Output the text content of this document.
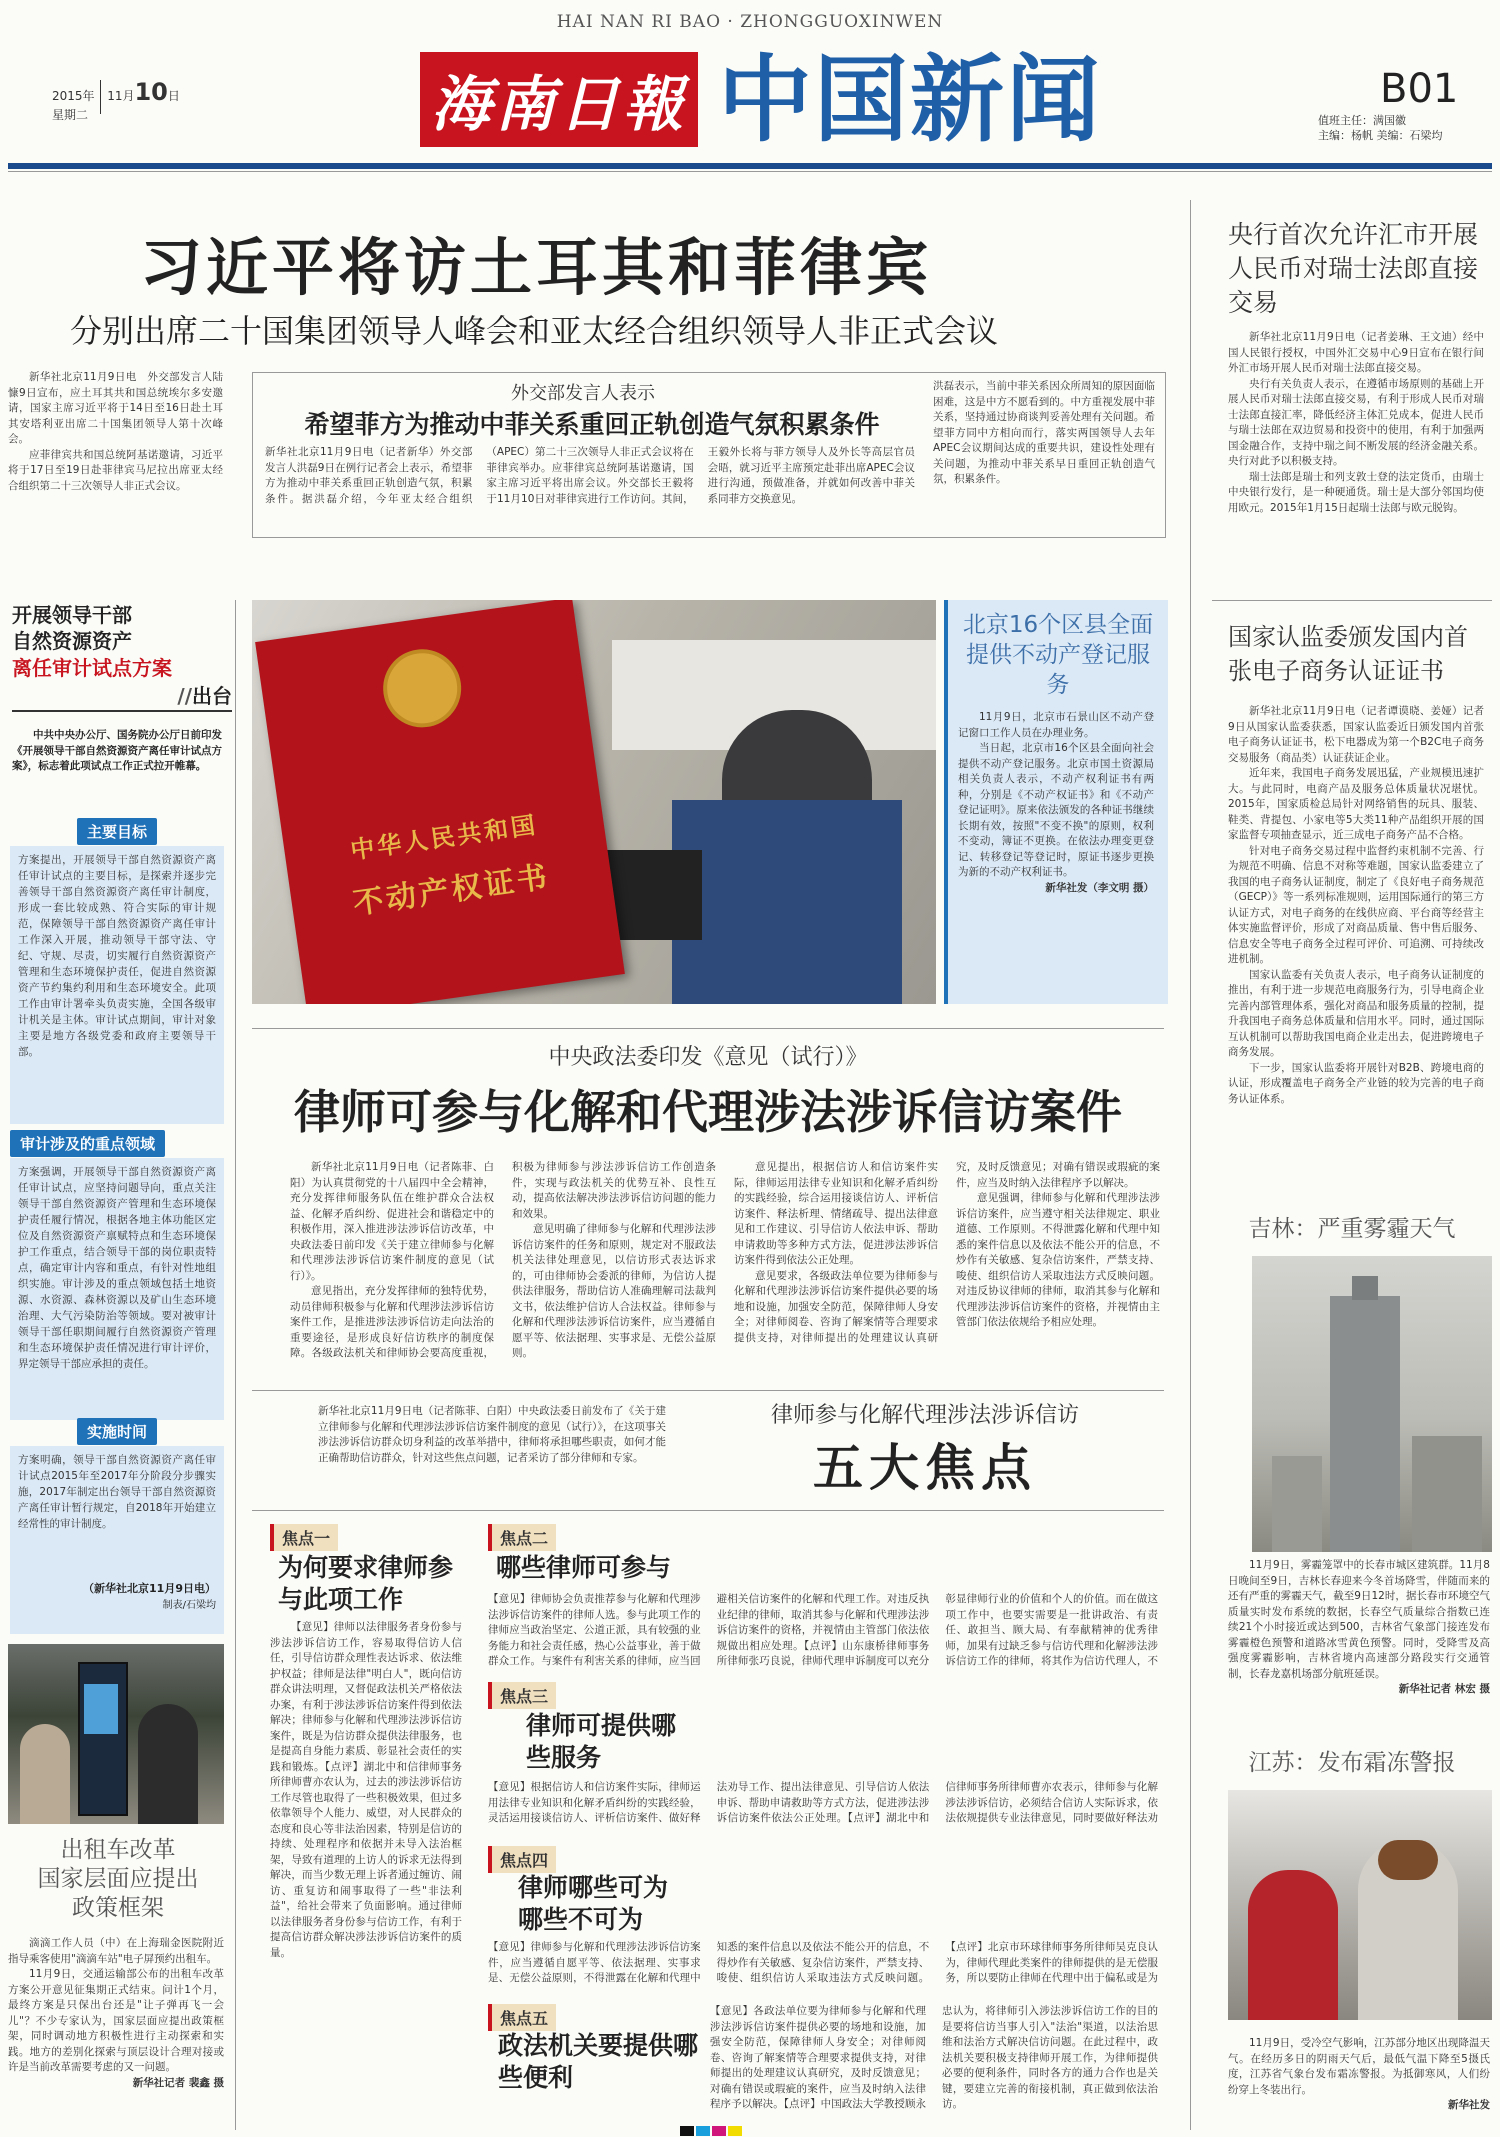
HAI NAN RI BAO · ZHONGGUOXINWEN
2015年 11月10日
星期二	海南日報 中国新闻	B01
值班主任：满国徽
主编：杨帆 美编：石梁均
习近平将访土耳其和菲律宾
分别出席二十国集团领导人峰会和亚太经合组织领导人非正式会议

新华社北京11月9日电　外交部发言人陆慷9日宣布，应土耳其共和国总统埃尔多安邀请，国家主席习近平将于14日至16日赴土耳其安塔利亚出席二十国集团领导人第十次峰会。

应菲律宾共和国总统阿基诺邀请，习近平将于17日至19日赴菲律宾马尼拉出席亚太经合组织第二十三次领导人非正式会议。

外交部发言人表示
希望菲方为推动中菲关系重回正轨创造气氛积累条件
新华社北京11月9日电（记者新华）外交部发言人洪磊9日在例行记者会上表示，希望菲方为推动中菲关系重回正轨创造气氛，积累条件。据洪磊介绍，今年亚太经合组织（APEC）第二十三次领导人非正式会议将在菲律宾举办。应菲律宾总统阿基诺邀请，国家主席习近平将出席会议。外交部长王毅将于11月10日对菲律宾进行工作访问。其间，王毅外长将与菲方领导人及外长等高层官员会晤，就习近平主席预定赴菲出席APEC会议进行沟通，预做准备，并就如何改善中菲关系同菲方交换意见。
洪磊表示，当前中菲关系因众所周知的原因面临困难，这是中方不愿看到的。中方重视发展中菲关系，坚持通过协商谈判妥善处理有关问题。希望菲方同中方相向而行，落实两国领导人去年APEC会议期间达成的重要共识，建设性处理有关问题，为推动中菲关系早日重回正轨创造气氛，积累条件。
开展领导干部
自然资源资产
离任审计试点方案
//出台

中共中央办公厅、国务院办公厅日前印发《开展领导干部自然资源资产离任审计试点方案》，标志着此项试点工作正式拉开帷幕。

主要目标
方案提出，开展领导干部自然资源资产离任审计试点的主要目标，是探索并逐步完善领导干部自然资源资产离任审计制度，形成一套比较成熟、符合实际的审计规范，保障领导干部自然资源资产离任审计工作深入开展，推动领导干部守法、守纪、守规、尽责，切实履行自然资源资产管理和生态环境保护责任，促进自然资源资产节约集约利用和生态环境安全。此项工作由审计署牵头负责实施，全国各级审计机关是主体。审计试点期间，审计对象主要是地方各级党委和政府主要领导干部。
审计涉及的重点领域
方案强调，开展领导干部自然资源资产离任审计试点，应坚持问题导向，重点关注领导干部自然资源资产管理和生态环境保护责任履行情况，根据各地主体功能区定位及自然资源资产禀赋特点和生态环境保护工作重点，结合领导干部的岗位职责特点，确定审计内容和重点，有针对性地组织实施。审计涉及的重点领域包括土地资源、水资源、森林资源以及矿山生态环境治理、大气污染防治等领域。要对被审计领导干部任职期间履行自然资源资产管理和生态环境保护责任情况进行审计评价，界定领导干部应承担的责任。
实施时间
方案明确，领导干部自然资源资产离任审计试点2015年至2017年分阶段分步骤实施，2017年制定出台领导干部自然资源资产离任审计暂行规定，自2018年开始建立经常性的审计制度。
（新华社北京11月9日电）
制表/石梁均
出租车改革
国家层面应提出
政策框架

滴滴工作人员（中）在上海瑞金医院附近指导乘客使用"滴滴车站"电子屏预约出租车。

11月9日，交通运输部公布的出租车改革方案公开意见征集期正式结束。问计1个月，最终方案是只保出台还是"让子弹再飞一会儿"？不少专家认为，国家层面应提出政策框架，同时调动地方积极性进行主动探索和实践。地方的差别化探索与顶层设计合理对接或许是当前改革需要考虑的又一问题。

新华社记者 裴鑫 摄
中华人民共和国
不动产权证书
北京16个区县全面提供不动产登记服务

11月9日，北京市石景山区不动产登记窗口工作人员在办理业务。

当日起，北京市16个区县全面向社会提供不动产登记服务。北京市国土资源局相关负责人表示，不动产权利证书有两种，分别是《不动产权证书》和《不动产登记证明》。原来依法颁发的各种证书继续长期有效，按照"不变不换"的原则，权利不变动，簿证不更换。在依法办理变更登记、转移登记等登记时，原证书逐步更换为新的不动产权利证书。

新华社发（李文明 摄）
中央政法委印发《意见（试行）》
律师可参与化解和代理涉法涉诉信访案件

新华社北京11月9日电（记者陈菲、白阳）为认真贯彻党的十八届四中全会精神，充分发挥律师服务队伍在维护群众合法权益、化解矛盾纠纷、促进社会和谐稳定中的积极作用，深入推进涉法涉诉信访改革，中央政法委日前印发《关于建立律师参与化解和代理涉法涉诉信访案件制度的意见（试行）》。

意见指出，充分发挥律师的独特优势，动员律师积极参与化解和代理涉法涉诉信访案件工作，是推进涉法涉诉信访走向法治的重要途径，是形成良好信访秩序的制度保障。各级政法机关和律师协会要高度重视，积极为律师参与涉法涉诉信访工作创造条件，实现与政法机关的优势互补、良性互动，提高依法解决涉法涉诉信访问题的能力和效果。

意见明确了律师参与化解和代理涉法涉诉信访案件的任务和原则，规定对不服政法机关法律处理意见，以信访形式表达诉求的，可由律师协会委派的律师，为信访人提供法律服务，帮助信访人准确理解司法裁判文书，依法维护信访人合法权益。律师参与化解和代理涉法涉诉信访案件，应当遵循自愿平等、依法据理、实事求是、无偿公益原则。

意见提出，根据信访人和信访案件实际，律师运用法律专业知识和化解矛盾纠纷的实践经验，综合运用接谈信访人、评析信访案件、释法析理、情绪疏导、提出法律意见和工作建议、引导信访人依法申诉、帮助申请救助等多种方式方法，促进涉法涉诉信访案件得到依法公正处理。

意见要求，各级政法单位要为律师参与化解和代理涉法涉诉信访案件提供必要的场地和设施，加强安全防范，保障律师人身安全；对律师阅卷、咨询了解案情等合理要求提供支持，对律师提出的处理建议认真研究，及时反馈意见；对确有错误或瑕疵的案件，应当及时纳入法律程序予以解决。

意见强调，律师参与化解和代理涉法涉诉信访案件，应当遵守相关法律规定、职业道德、工作原则。不得泄露化解和代理中知悉的案件信息以及依法不能公开的信息，不炒作有关敏感、复杂信访案件，严禁支持、唆使、组织信访人采取违法方式反映问题。对违反协议律师的律师，取消其参与化解和代理涉法涉诉信访案件的资格，并视情由主管部门依法依规给予相应处理。

新华社北京11月9日电（记者陈菲、白阳）中央政法委日前发布了《关于建立律师参与化解和代理涉法涉诉信访案件制度的意见（试行）》，在这项事关涉法涉诉信访群众切身利益的改革举措中，律师将承担哪些职责，如何才能正确帮助信访群众，针对这些焦点问题，记者采访了部分律师和专家。
律师参与化解代理涉法涉诉信访
五大焦点
焦点一
为何要求律师参与此项工作
【意见】律师以法律服务者身份参与涉法涉诉信访工作，容易取得信访人信任，引导信访群众理性表达诉求、依法维护权益；律师是法律"明白人"，既向信访群众讲法明理，又督促政法机关严格依法办案，有利于涉法涉诉信访案件得到依法解决；律师参与化解和代理涉法涉诉信访案件，既是为信访群众提供法律服务，也是提高自身能力素质、彰显社会责任的实践和锻炼。【点评】湖北中和信律师事务所律师曹亦农认为，过去的涉法涉诉信访工作尽管也取得了一些积极效果，但过多依靠领导个人能力、威望，对人民群众的态度和良心等非法治因素，特别是信访的持续、处理程序和依据并未导入法治框架，导致有道理的上访人的诉求无法得到解决，而当少数无理上诉者通过缠访、闹访、重复访和闹事取得了一些"非法利益"，给社会带来了负面影响。通过律师以法律服务者身份参与信访工作，有利于提高信访群众解决涉法涉诉信访案件的质量。
焦点二
哪些律师可参与
【意见】律师协会负责推荐参与化解和代理涉法涉诉信访案件的律师人选。参与此项工作的律师应当政治坚定、公道正派，具有较强的业务能力和社会责任感，热心公益事业，善于做群众工作。与案件有利害关系的律师，应当回避相关信访案件的化解和代理工作。对违反执业纪律的律师，取消其参与化解和代理涉法涉诉信访案件的资格，并视情由主管部门依法依规做出相应处理。【点评】山东康桥律师事务所律师张巧良说，律师代理申诉制度可以充分彰显律师行业的价值和个人的价值。而在做这项工作中，也要实需要是一批讲政治、有责任、敢担当、顾大局、有奉献精神的优秀律师，加果有过缺乏参与信访代理和化解涉法涉诉信访工作的律师，将其作为信访代理人，不
焦点三
律师可提供哪些服务
【意见】根据信访人和信访案件实际，律师运用法律专业知识和化解矛盾纠纷的实践经验，灵活运用接谈信访人、评析信访案件、做好释法劝导工作、提出法律意见、引导信访人依法申诉、帮助申请救助等方式方法，促进涉法涉诉信访案件依法公正处理。【点评】湖北中和信律师事务所律师曹亦农表示，律师参与化解涉法涉诉信访，必须结合信访人实际诉求，依法依规提供专业法律意见，同时要做好释法劝
焦点四
律师哪些可为哪些不可为
【意见】律师参与化解和代理涉法涉诉信访案件，应当遵循自愿平等、依法据理、实事求是、无偿公益原则，不得泄露在化解和代理中知悉的案件信息以及依法不能公开的信息，不得炒作有关敏感、复杂信访案件，严禁支持、唆使、组织信访人采取违法方式反映问题。【点评】北京市环球律师事务所律师吴克良认为，律师代理此类案件的律师提供的是无偿服务，所以要防止律师在代理中出于偏私或是为
焦点五
政法机关要提供哪些便利
【意见】各政法单位要为律师参与化解和代理涉法涉诉信访案件提供必要的场地和设施，加强安全防范，保障律师人身安全；对律师阅卷、咨询了解案情等合理要求提供支持，对律师提出的处理建议认真研究，及时反馈意见；对确有错误或瑕疵的案件，应当及时纳入法律程序予以解决。【点评】中国政法大学教授顾永忠认为，将律师引入涉法涉诉信访工作的目的是要将信访当事人引入"法治"渠道，以法治思维和法治方式解决信访问题。在此过程中，政法机关要积极支持律师开展工作，为律师提供必要的便利条件，同时各方的通力合作也是关键，要建立完善的衔接机制，真正做到依法治访。
央行首次允许汇市开展人民币对瑞士法郎直接交易

新华社北京11月9日电（记者姜琳、王文迪）经中国人民银行授权，中国外汇交易中心9日宣布在银行间外汇市场开展人民币对瑞士法郎直接交易。

央行有关负责人表示，在遵循市场原则的基础上开展人民币对瑞士法郎直接交易，有利于形成人民币对瑞士法郎直接汇率，降低经济主体汇兑成本，促进人民币与瑞士法郎在双边贸易和投资中的使用，有利于加强两国金融合作，支持中瑞之间不断发展的经济金融关系。央行对此予以积极支持。

瑞士法郎是瑞士和列支敦士登的法定货币，由瑞士中央银行发行，是一种硬通货。瑞士是大部分邻国均使用欧元。2015年1月15日起瑞士法郎与欧元脱钩。

国家认监委颁发国内首张电子商务认证证书

新华社北京11月9日电（记者谭谟晓、姜娅）记者9日从国家认监委获悉，国家认监委近日颁发国内首张电子商务认证证书，松下电器成为第一个B2C电子商务交易服务（商品类）认证获证企业。

近年来，我国电子商务发展迅猛，产业规模迅速扩大。与此同时，电商产品及服务总体质量状况堪忧。2015年，国家质检总局针对网络销售的玩具、服装、鞋类、背提包、小家电等5大类11种产品组织开展的国家监督专项抽查显示，近三成电子商务产品不合格。

针对电子商务交易过程中监督约束机制不完善、行为规范不明确、信息不对称等难题，国家认监委建立了我国的电子商务认证制度，制定了《良好电子商务规范（GECP）》等一系列标准规则，运用国际通行的第三方认证方式，对电子商务的在线供应商、平台商等经营主体实施监督评价，形成了对商品质量、售中售后服务、信息安全等电子商务全过程可评价、可追溯、可持续改进机制。

国家认监委有关负责人表示，电子商务认证制度的推出，有利于进一步规范电商服务行为，引导电商企业完善内部管理体系，强化对商品和服务质量的控制，提升我国电子商务总体质量和信用水平。同时，通过国际互认机制可以帮助我国电商企业走出去，促进跨境电子商务发展。

下一步，国家认监委将开展针对B2B、跨境电商的认证，形成覆盖电子商务全产业链的较为完善的电子商务认证体系。

吉林：严重雾霾天气

11月9日，雾霾笼罩中的长春市城区建筑群。11月8日晚间至9日，吉林长春迎来今冬首场降雪，伴随而来的还有严重的雾霾天气，截至9日12时，据长春市环境空气质量实时发布系统的数据，长春空气质量综合指数已连续21个小时接近或达到500，吉林省气象部门接连发布雾霾橙色预警和道路冰雪黄色预警。同时，受降雪及高强度雾霾影响，吉林省境内高速部分路段实行交通管制，长春龙嘉机场部分航班延误。

新华社记者 林宏 摄
江苏：发布霜冻警报

11月9日，受冷空气影响，江苏部分地区出现降温天气。在经历多日的阴雨天气后，最低气温下降至5摄氏度，江苏省气象台发布霜冻警报。为抵御寒风，人们纷纷穿上冬装出行。

新华社发
